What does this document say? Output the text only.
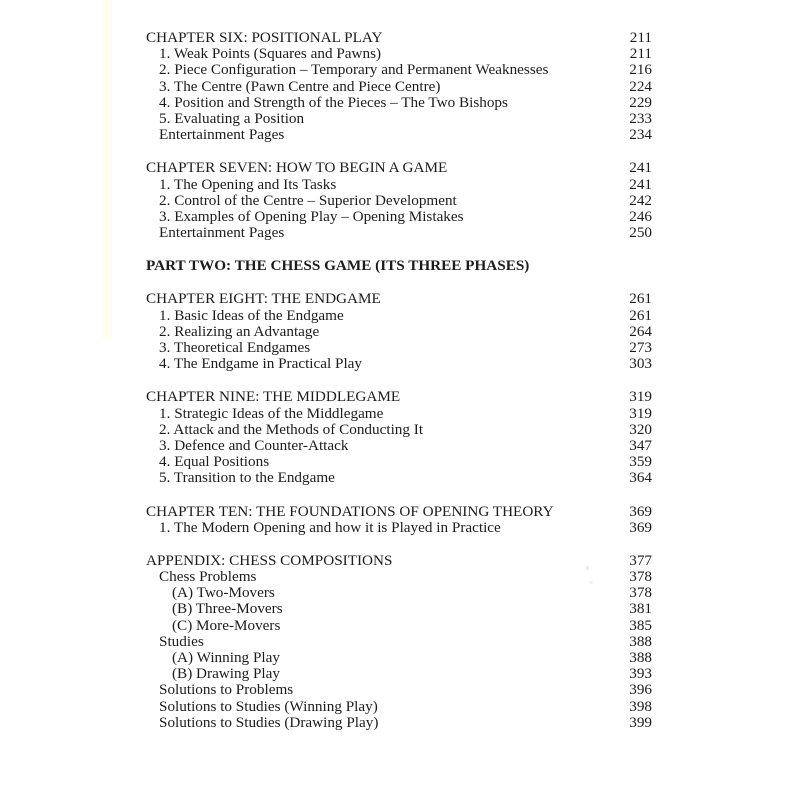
CHAPTER SIX: POSITIONAL PLAY	211
1. Weak Points (Squares and Pawns)	211
2. Piece Configuration – Temporary and Permanent Weaknesses	216
3. The Centre (Pawn Centre and Piece Centre)	224
4. Position and Strength of the Pieces – The Two Bishops	229
5. Evaluating a Position	233
Entertainment Pages	234
CHAPTER SEVEN: HOW TO BEGIN A GAME	241
1. The Opening and Its Tasks	241
2. Control of the Centre – Superior Development	242
3. Examples of Opening Play – Opening Mistakes	246
Entertainment Pages	250
PART TWO: THE CHESS GAME (ITS THREE PHASES)
CHAPTER EIGHT: THE ENDGAME	261
1. Basic Ideas of the Endgame	261
2. Realizing an Advantage	264
3. Theoretical Endgames	273
4. The Endgame in Practical Play	303
CHAPTER NINE: THE MIDDLEGAME	319
1. Strategic Ideas of the Middlegame	319
2. Attack and the Methods of Conducting It	320
3. Defence and Counter-Attack	347
4. Equal Positions	359
5. Transition to the Endgame	364
CHAPTER TEN: THE FOUNDATIONS OF OPENING THEORY	369
1. The Modern Opening and how it is Played in Practice	369
APPENDIX: CHESS COMPOSITIONS	377
Chess Problems	378
(A) Two-Movers	378
(B) Three-Movers	381
(C) More-Movers	385
Studies	388
(A) Winning Play	388
(B) Drawing Play	393
Solutions to Problems	396
Solutions to Studies (Winning Play)	398
Solutions to Studies (Drawing Play)	399
